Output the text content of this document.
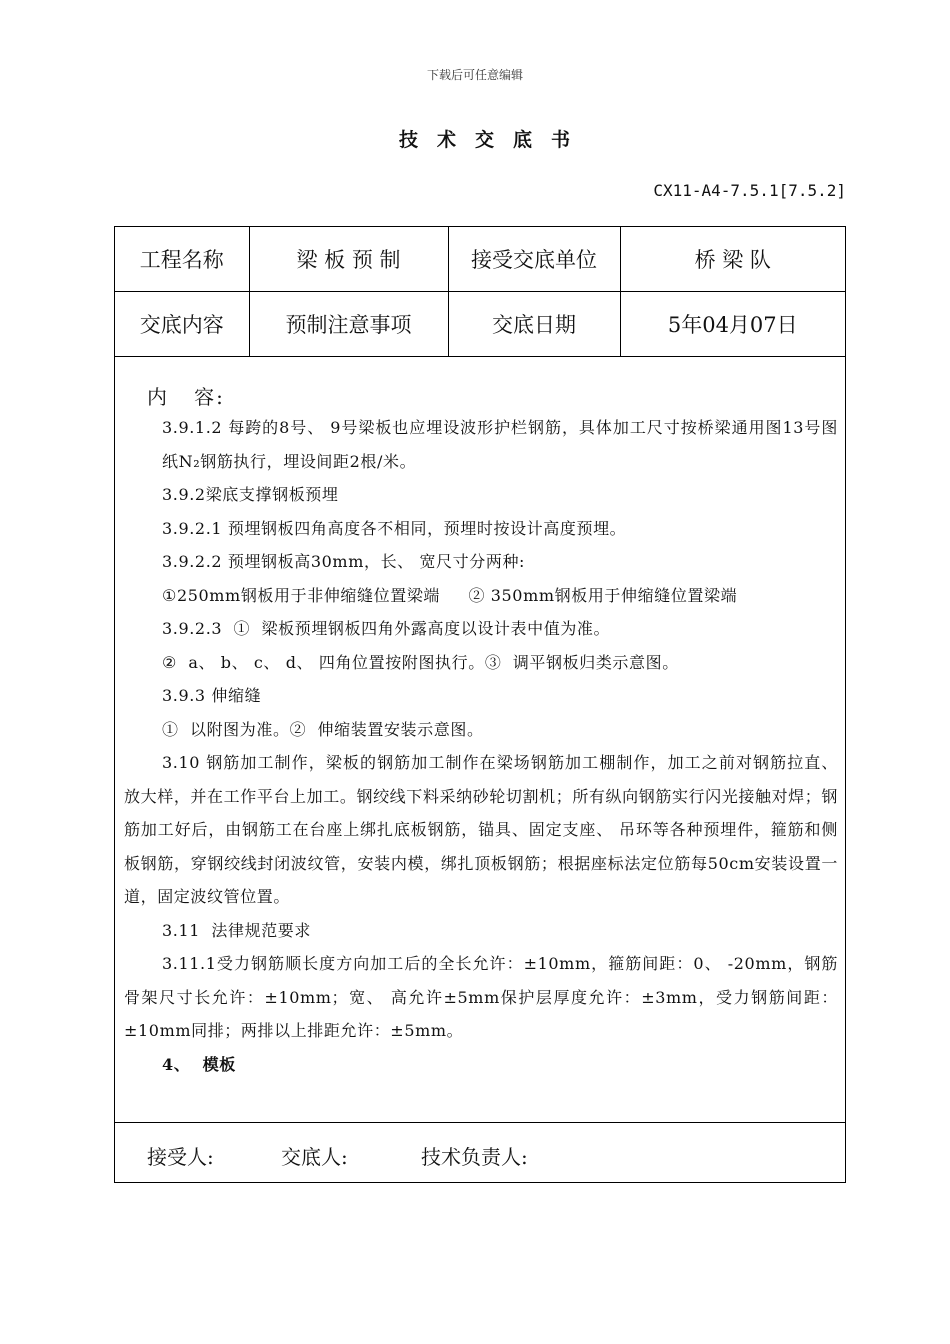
下载后可任意编辑
技术交底书
CX11-A4-7.5.1[7.5.2]
工程名称	梁 板 预 制	接受交底单位	桥 梁 队
交底内容	预制注意事项	交底日期	5年04月07日
内   容:

3.9.1.2 每跨的8号、 9号梁板也应埋设波形护栏钢筋，具体加工尺寸按桥梁通用图13号图纸N₂钢筋执行，埋设间距2根/米。

3.9.2梁底支撑钢板预埋

3.9.2.1 预埋钢板四角高度各不相同，预埋时按设计高度预埋。

3.9.2.2 预埋钢板高30mm，长、 宽尺寸分两种:

①250mm钢板用于非伸缩缝位置梁端     ② 350mm钢板用于伸缩缝位置梁端

3.9.2.3  ①  梁板预埋钢板四角外露高度以设计表中值为准。

②  a、 b、 c、 d、 四角位置按附图执行。③  调平钢板归类示意图。

3.9.3 伸缩缝

①  以附图为准。②  伸缩装置安装示意图。

3.10 钢筋加工制作，梁板的钢筋加工制作在梁场钢筋加工棚制作，加工之前对钢筋拉直、 放大样，并在工作平台上加工。钢绞线下料采纳砂轮切割机；所有纵向钢筋实行闪光接触对焊；钢筋加工好后，由钢筋工在台座上绑扎底板钢筋，锚具、固定支座、 吊环等各种预埋件，箍筋和侧板钢筋，穿钢绞线封闭波纹管，安装内模，绑扎顶板钢筋；根据座标法定位筋每50cm安装设置一道，固定波纹管位置。

3.11  法律规范要求

3.11.1受力钢筋顺长度方向加工后的全长允许：±10mm，箍筋间距：0、 -20mm，钢筋骨架尺寸长允许：±10mm；宽、 高允许±5mm保护层厚度允许：±3mm，受力钢筋间距：±10mm同排；两排以上排距允许：±5mm。

4、  模板

接受人:	交底人:	技术负责人:
